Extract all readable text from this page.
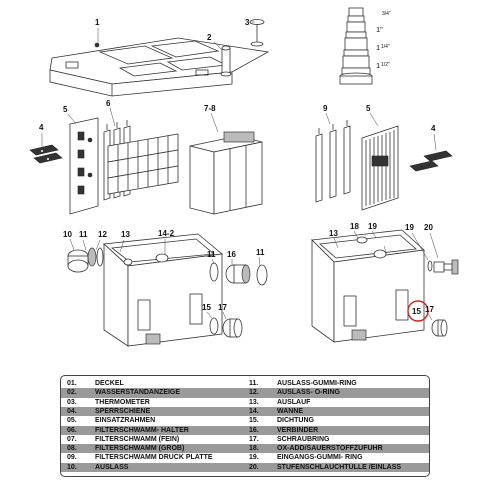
1
2
3
4
5
6
7-8	9	5
4
10 11 12 13	14-2
11 16	11
15 17
13
18 19	19 20
15 17
3/4"
1"
1 1/4"
1 1/2"
01.	DECKEL	11.	AUSLASS-GUMMI-RING
02.	WASSERSTANDANZEIGE	12.	AUSLASS- O-RING
03.	THERMOMETER	13.	AUSLAUF
04.	SPERRSCHIENE	14.	WANNE
05.	EINSATZRAHMEN	15.	DICHTUNG
06.	FILTERSCHWAMM- HALTER	16.	VERBINDER
07.	FILTERSCHWAMM (FEIN)	17.	SCHRAUBRING
08.	FILTERSCHWAMM (GROB)	18.	OX-ADD/SAUERSTOFFZUFUHR
09.	FILTERSCHWAMM DRUCK PLATTE	19.	EINGANGS-GUMMI- RING
10.	AUSLASS	20.	STUFENSCHLAUCHTÜLLE /EINLASS
